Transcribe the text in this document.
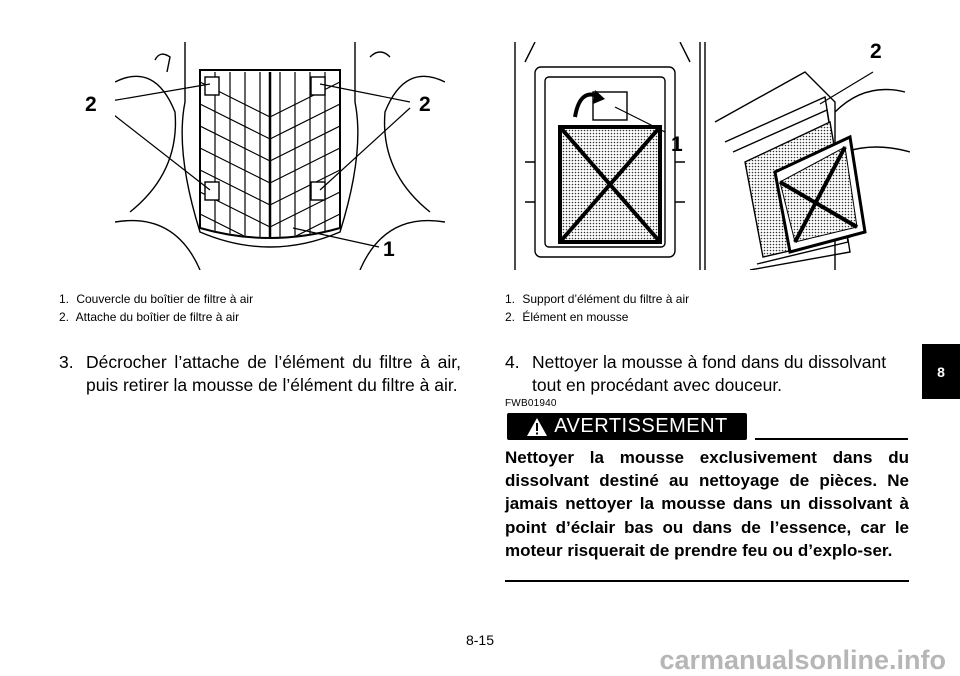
2	2
1
2
1
1. Couvercle du boîtier de filtre à air
2. Attache du boîtier de filtre à air
1. Support d’élément du filtre à air
2. Élément en mousse
3. Décrocher l’attache de l’élément du filtre à air, puis retirer la mousse de l’élément du filtre à air.
4. Nettoyer la mousse à fond dans du dissolvant tout en procédant avec douceur.
FWB01940
AVERTISSEMENT
Nettoyer la mousse exclusivement dans du dissolvant destiné au nettoyage de pièces. Ne jamais nettoyer la mousse dans un dissolvant à point d’éclair bas ou dans de l’essence, car le moteur risquerait de prendre feu ou d’explo-ser.
8
8-15
carmanualsonline.info
